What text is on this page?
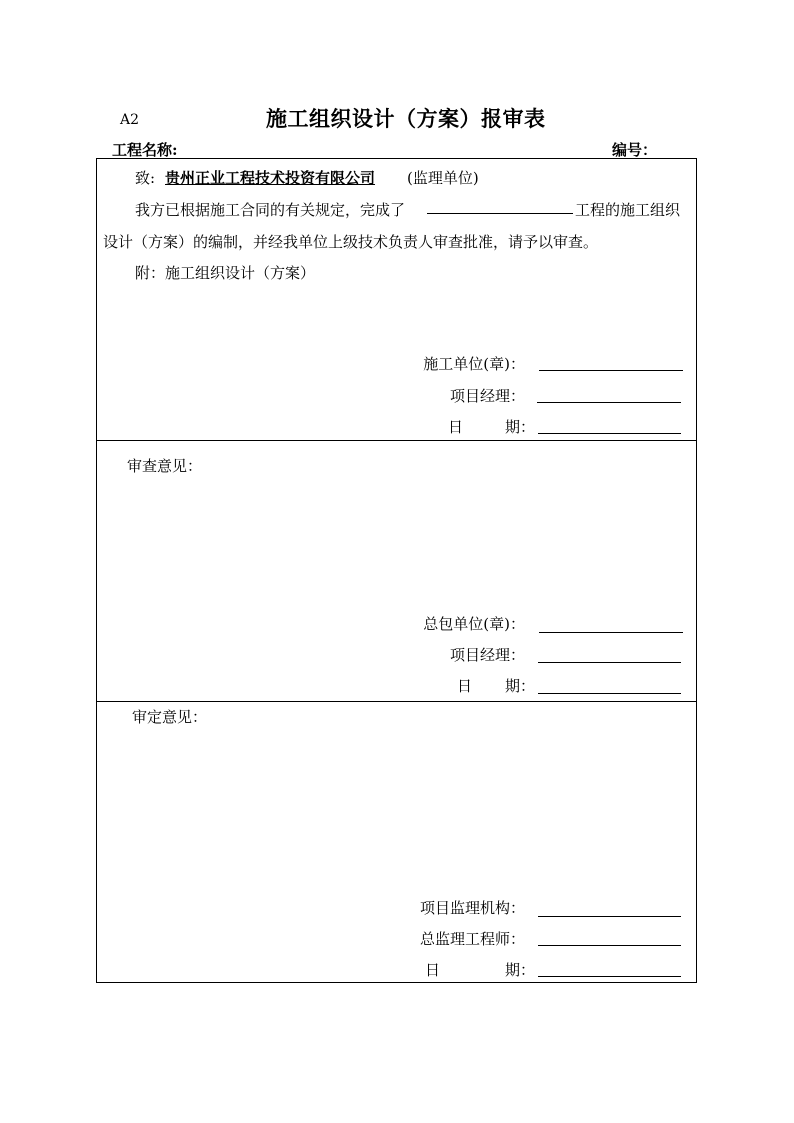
A2	施工组织设计（方案）报审表
工程名称:	编号：
致: 贵州正业工程技术投资有限公司 (监理单位)
我方已根据施工合同的有关规定，完成了	工程的施工组织
设计（方案）的编制，并经我单位上级技术负责人审查批准，请予以审查。
附：施工组织设计（方案）
施工单位(章)：
项目经理：
日	期：
审查意见：
总包单位(章)：
项目经理：
日 期：
审定意见：
项目监理机构：
总监理工程师：
日	期：
